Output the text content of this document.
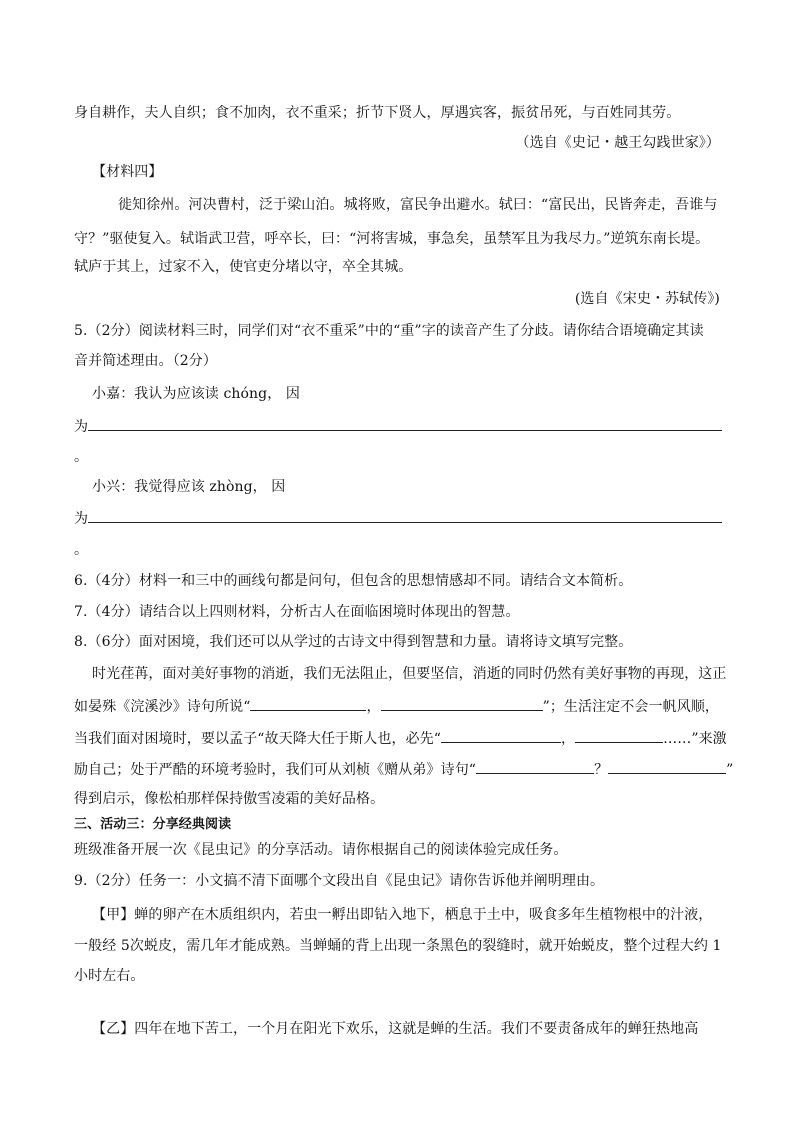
身自耕作，夫人自织；食不加肉，衣不重采；折节下贤人，厚遇宾客，振贫吊死，与百姓同其劳。
（选自《史记・越王勾践世家》）
【材料四】
徙知徐州。河决曹村，泛于梁山泊。城将败，富民争出避水。轼曰：“富民出，民皆奔走，吾谁与
守？”驱使复入。轼诣武卫营，呼卒长，曰：“河将害城，事急矣，虽禁军且为我尽力。”逆筑东南长堤。
轼庐于其上，过家不入，使官吏分堵以守，卒全其城。
(选自《宋史・苏轼传》)
5.（2分）阅读材料三时，同学们对“衣不重采”中的“重”字的读音产生了分歧。请你结合语境确定其读
音并简述理由。（2分）
小嘉：我认为应该读 chóng， 因
为
。
小兴：我觉得应该 zhòng， 因
为
。
6.（4分）材料一和三中的画线句都是问句，但包含的思想情感却不同。请结合文本简析。
7.（4分）请结合以上四则材料，分析古人在面临困境时体现出的智慧。
8.（6分）面对困境，我们还可以从学过的古诗文中得到智慧和力量。请将诗文填写完整。
时光荏苒，面对美好事物的消逝，我们无法阻止，但要坚信，消逝的同时仍然有美好事物的再现，这正
如晏殊《浣溪沙》诗句所说“	，	”；生活注定不会一帆风顺，
当我们面对困境时，要以孟子“故天降大任于斯人也，必先“	，	……”来激
励自己；处于严酷的环境考验时，我们可从刘桢《赠从弟》诗句“	？	”
得到启示，像松柏那样保持傲雪凌霜的美好品格。
三、活动三：分享经典阅读
班级准备开展一次《昆虫记》的分享活动。请你根据自己的阅读体验完成任务。
9.（2分）任务一：小文搞不清下面哪个文段出自《昆虫记》请你告诉他并阐明理由。
【甲】蝉的卵产在木质组织内，若虫一孵出即钻入地下，栖息于土中，吸食多年生植物根中的汁液，
一般经 5次蜕皮，需几年才能成熟。当蝉蛹的背上出现一条黑色的裂缝时，就开始蜕皮，整个过程大约 1
小时左右。
【乙】四年在地下苦工，一个月在阳光下欢乐，这就是蝉的生活。我们不要责备成年的蝉狂热地高
